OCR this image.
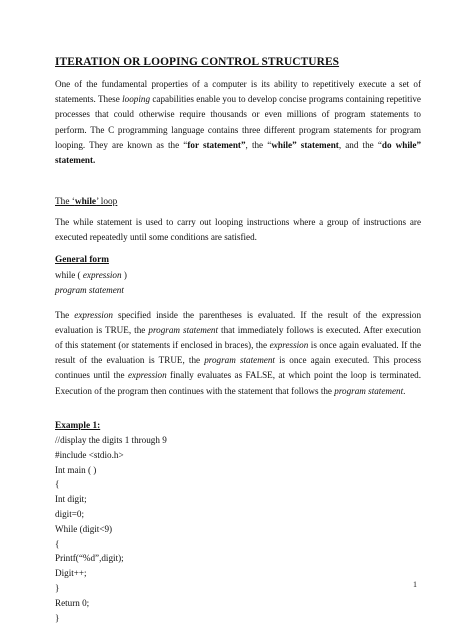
ITERATION OR LOOPING CONTROL STRUCTURES

One of the fundamental properties of a computer is its ability to repetitively execute a set of statements. These looping capabilities enable you to develop concise programs containing repetitive processes that could otherwise require thousands or even millions of program statements to perform. The C programming language contains three different program statements for program looping. They are known as the “for statement”, the “while” statement, and the “do while” statement.

The ‘while’ loop

The while statement is used to carry out looping instructions where a group of instructions are executed repeatedly until some conditions are satisfied.

General form

while ( expression )

program statement

The expression specified inside the parentheses is evaluated. If the result of the expression evaluation is TRUE, the program statement that immediately follows is executed. After execution of this statement (or statements if enclosed in braces), the expression is once again evaluated. If the result of the evaluation is TRUE, the program statement is once again executed. This process continues until the expression finally evaluates as FALSE, at which point the loop is terminated. Execution of the program then continues with the statement that follows the program statement.

Example 1:

//display the digits 1 through 9

#include <stdio.h>

Int main ( )

{

Int digit;

digit=0;

While (digit<9)

{

Printf(“%d”,digit);

Digit++;

}

Return 0;

}

1
